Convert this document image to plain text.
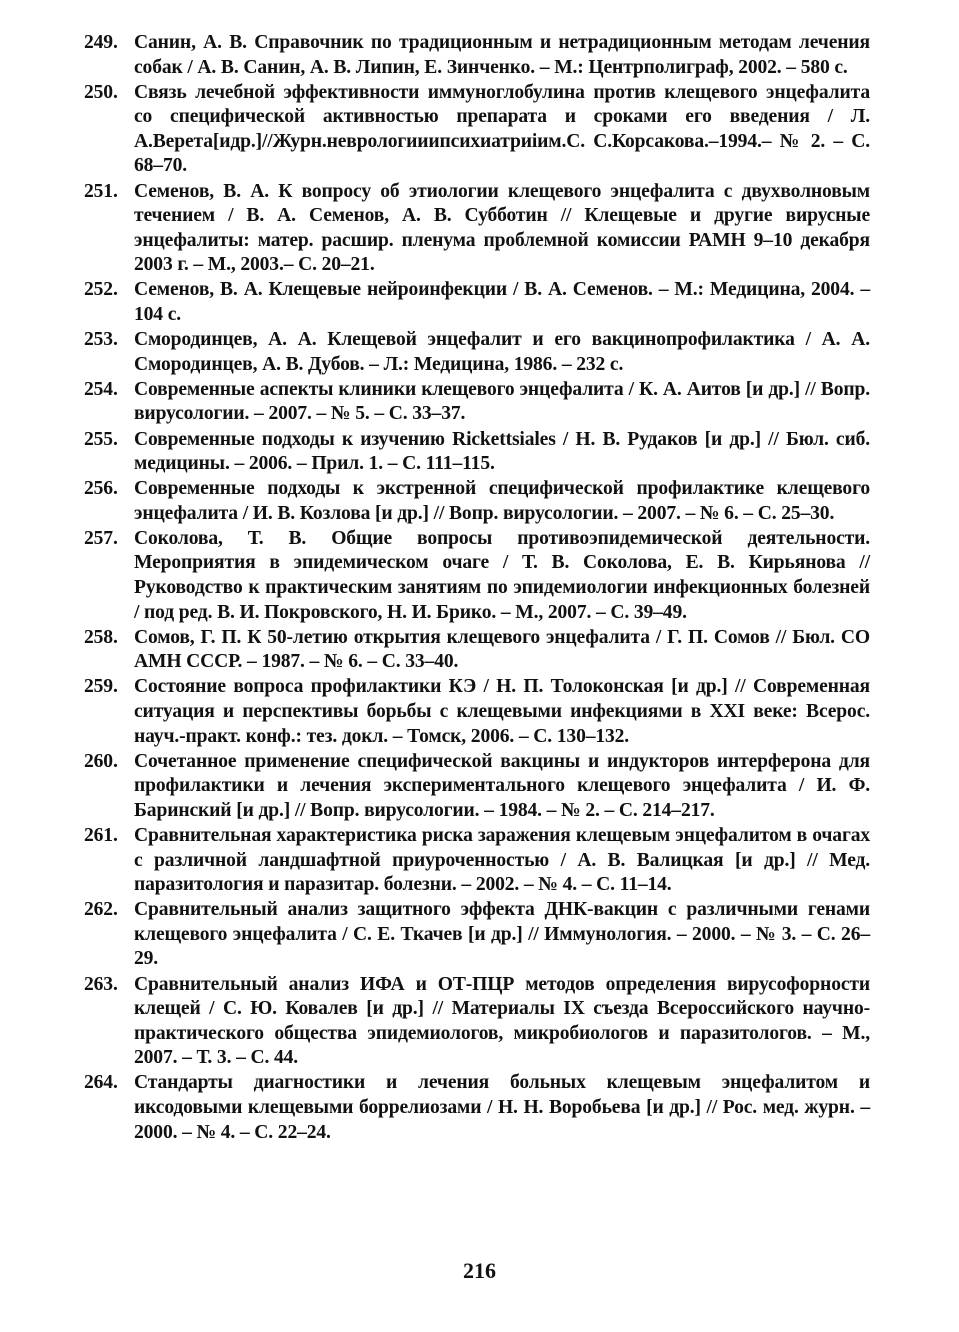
249. Санин, А. В. Справочник по традиционным и нетрадиционным методам лечения собак / А. В. Санин, А. В. Липин, Е. Зинченко. – М.: Центрполиграф, 2002. – 580 с.
250. Связь лечебной эффективности иммуноглобулина против клещевого энцефалита со специфической активностью препарата и сроками его введения / Л. А.Верета[идр.]//Журн.неврологииипсихиатриiим.С. С.Корсакова.–1994.– № 2. – С. 68–70.
251. Семенов, В. А. К вопросу об этиологии клещевого энцефалита с двухволновым течением / В. А. Семенов, А. В. Субботин // Клещевые и другие вирусные энцефалиты: матер. расшир. пленума проблемной комиссии РАМН 9–10 декабря 2003 г. – М., 2003.– С. 20–21.
252. Семенов, В. А. Клещевые нейроинфекции / В. А. Семенов. – М.: Медицина, 2004. – 104 с.
253. Смородинцев, А. А. Клещевой энцефалит и его вакцинопрофилактика / А. А. Смородинцев, А. В. Дубов. – Л.: Медицина, 1986. – 232 с.
254. Современные аспекты клиники клещевого энцефалита / К. А. Аитов [и др.] // Вопр. вирусологии. – 2007. – № 5. – С. 33–37.
255. Современные подходы к изучению Rickettsiales / Н. В. Рудаков [и др.] // Бюл. сиб. медицины. – 2006. – Прил. 1. – С. 111–115.
256. Современные подходы к экстренной специфической профилактике клещевого энцефалита / И. В. Козлова [и др.] // Вопр. вирусологии. – 2007. – № 6. – С. 25–30.
257. Соколова, Т. В. Общие вопросы противоэпидемической деятельности. Мероприятия в эпидемическом очаге / Т. В. Соколова, Е. В. Кирьянова // Руководство к практическим занятиям по эпидемиологии инфекционных болезней / под ред. В. И. Покровского, Н. И. Брико. – М., 2007. – С. 39–49.
258. Сомов, Г. П. К 50-летию открытия клещевого энцефалита / Г. П. Сомов // Бюл. СО АМН СССР. – 1987. – № 6. – С. 33–40.
259. Состояние вопроса профилактики КЭ / Н. П. Толоконская [и др.] // Современная ситуация и перспективы борьбы с клещевыми инфекциями в XXI веке: Всерос. науч.-практ. конф.: тез. докл. – Томск, 2006. – С. 130–132.
260. Сочетанное применение специфической вакцины и индукторов интерферона для профилактики и лечения экспериментального клещевого энцефалита / И. Ф. Баринский [и др.] // Вопр. вирусологии. – 1984. – № 2. – С. 214–217.
261. Сравнительная характеристика риска заражения клещевым энцефалитом в очагах с различной ландшафтной приуроченностью / А. В. Валицкая [и др.] // Мед. паразитология и паразитар. болезни. – 2002. – № 4. – С. 11–14.
262. Сравнительный анализ защитного эффекта ДНК-вакцин с различными генами клещевого энцефалита / С. Е. Ткачев [и др.] // Иммунология. – 2000. – № 3. – С. 26–29.
263. Сравнительный анализ ИФА и ОТ-ПЦР методов определения вирусофорности клещей / С. Ю. Ковалев [и др.] // Материалы IX съезда Всероссийского научно-практического общества эпидемиологов, микробиологов и паразитологов. – М., 2007. – Т. 3. – С. 44.
264. Стандарты диагностики и лечения больных клещевым энцефалитом и иксодовыми клещевыми боррелиозами / Н. Н. Воробьева [и др.] // Рос. мед. журн. – 2000. – № 4. – С. 22–24.
216
